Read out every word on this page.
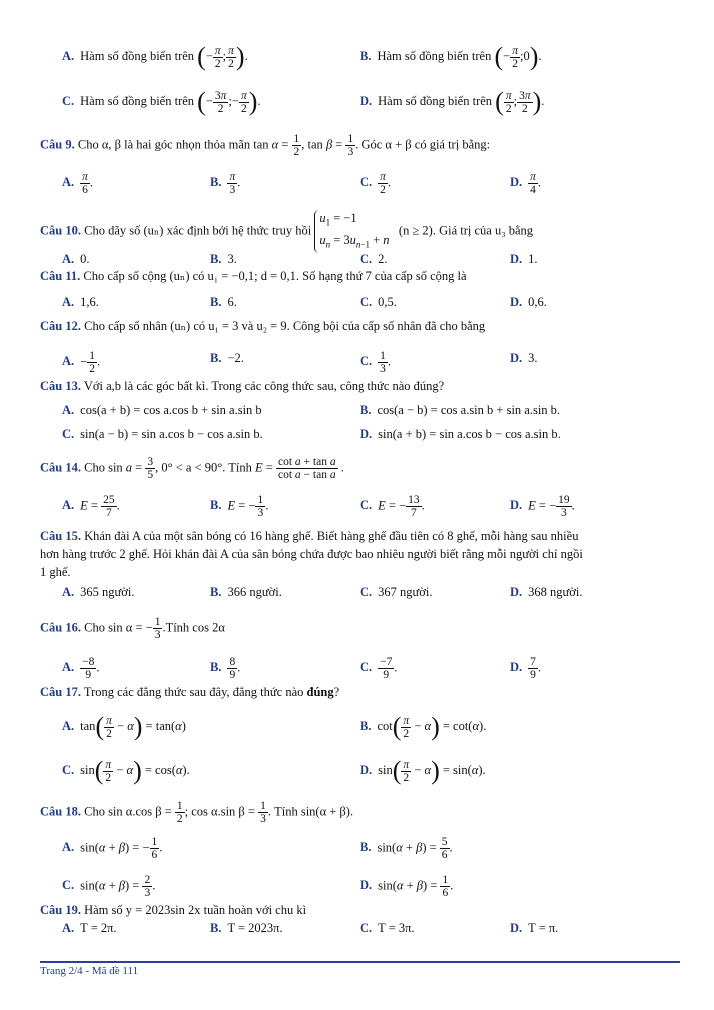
A. Hàm số đồng biến trên (− $\frac{\pi}{2}$ ; $\frac{\pi}{2}$ ).	B. Hàm số đồng biến trên (− $\frac{\pi}{2}$ ;0).
C. Hàm số đồng biến trên (− $\frac{3\pi}{2}$ ;− $\frac{\pi}{2}$ ).	D. Hàm số đồng biến trên ( $\frac{\pi}{2}$ ; $\frac{3\pi}{2}$ ).
Câu 9. Cho α, β là hai góc nhọn thỏa mãn $\tan \alpha = \frac{1}{2}$ , $\tan \beta = \frac{1}{3}$ . Góc α + β có giá trị bằng:
A. $\frac{\pi}{6}$ .	B. $\frac{\pi}{3}$ .	C. $\frac{\pi}{2}$ .	D. $\frac{\pi}{4}$ .
Câu 10. Cho dãy số (uₙ) xác định bởi hệ thức truy hồi
$u_1 = -1$
$u_n = 3u_{n-1} + n$
(n ≥ 2). Giá trị của u₃ bằng
A. 0.	B. 3.	C. 2.	D. 1.
Câu 11. Cho cấp số cộng (uₙ) có u₁ = −0,1; d = 0,1. Số hạng thứ 7 của cấp số cộng là
A. 1,6.	B. 6.	C. 0,5.	D. 0,6.
Câu 12. Cho cấp số nhân (uₙ) có u₁ = 3 và u₂ = 9. Công bội của cấp số nhân đã cho bằng
A. − $\frac{1}{2}$ .	B. −2.	C. $\frac{1}{3}$ .	D. 3.
Câu 13. Với a,b là các góc bất kì. Trong các công thức sau, công thức nào đúng?
A. cos(a + b) = cos a.cos b + sin a.sin b	B. cos(a − b) = cos a.sin b + sin a.sin b.
C. sin(a − b) = sin a.cos b − cos a.sin b.	D. sin(a + b) = sin a.cos b − cos a.sin b.
Câu 14. Cho $\sin a = \frac{3}{5}$ , 0° < a < 90°. Tính $E = \frac{\text{cot a + tan a}}{\text{cot a − tan a}}$ .
A. $E = \frac{25}{7}$ .	B. E = − $\frac{1}{3}$ .	C. E = − $\frac{13}{7}$ .	D. E = − $\frac{19}{3}$ .
Câu 15. Khán đài A của một sân bóng có 16 hàng ghế. Biết hàng ghế đầu tiên có 8 ghế, mỗi hàng sau nhiều
hơn hàng trước 2 ghế. Hỏi khán đài A của sân bóng chứa được bao nhiêu người biết rằng mỗi người chỉ ngồi
1 ghế.
A. 365 người.	B. 366 người.	C. 367 người.	D. 368 người.
Câu 16. Cho sin α = − $\frac{1}{3}$ .Tính cos 2α
A. $\frac{-8}{9}$ .	B. $\frac{8}{9}$ .	C. $\frac{-7}{9}$ .	D. $\frac{7}{9}$ .
Câu 17. Trong các đẳng thức sau đây, đẳng thức nào đúng?
A. $\tan( \frac{\pi}{2} - \alpha) = \tan(\alpha)$	B. $\cot( \frac{\pi}{2} - \alpha) = \cot(\alpha)$.
C. $\sin( \frac{\pi}{2} - \alpha) = \cos(\alpha)$.	D. $\sin( \frac{\pi}{2} - \alpha) = \sin(\alpha)$.
Câu 18. Cho sin α.cos $\beta = \frac{1}{2}$ ; cos α.sin $\beta = \frac{1}{3}$ . Tính sin(α + β).
A. sin(α + β) = − $\frac{1}{6}$ .	B. $\sin(\alpha + \beta) = \frac{5}{6}$ .
C. $\sin(\alpha + \beta) = \frac{2}{3}$ .	D. $\sin(\alpha + \beta) = \frac{1}{6}$ .
Câu 19. Hàm số y = 2023sin 2x tuần hoàn với chu kì
A. T = 2π.	B. T = 2023π.	C. T = 3π.	D. T = π.
Trang 2/4 - Mã đề 111
